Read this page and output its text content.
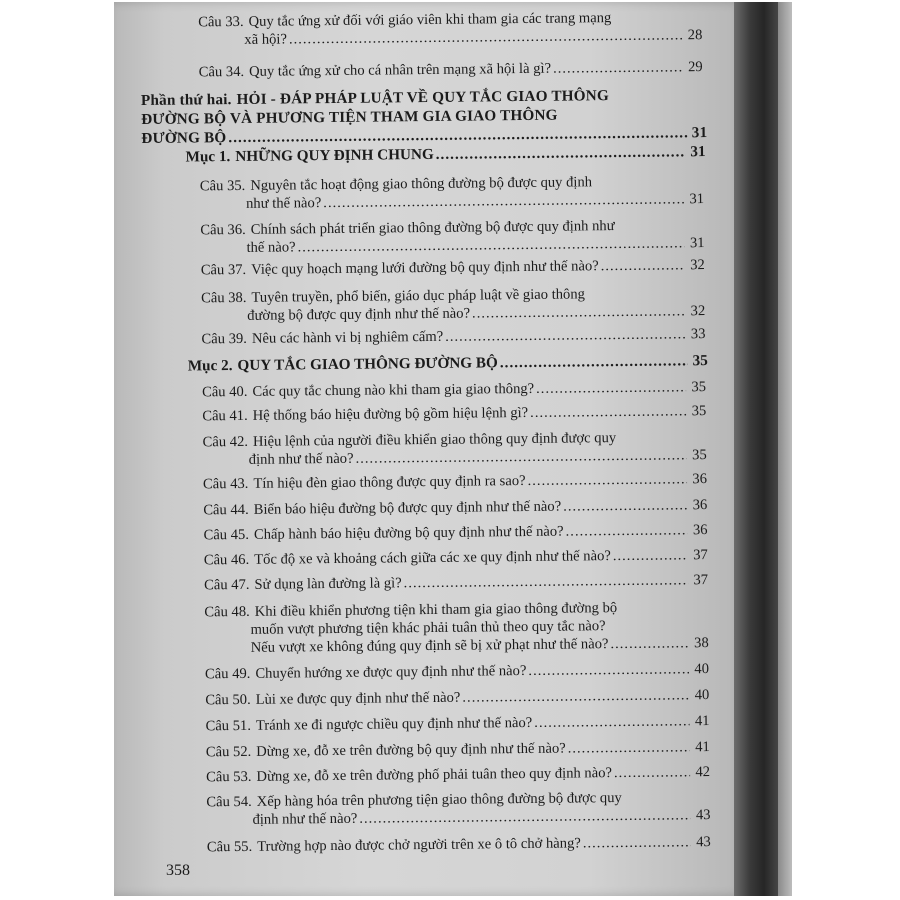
Câu 33. Quy tắc ứng xử đối với giáo viên khi tham gia các trang mạng
xã hội? .....	28
Câu 34. Quy tắc ứng xử cho cá nhân trên mạng xã hội là gì? .....	29
Phần thứ hai. HỎI - ĐÁP PHÁP LUẬT VỀ QUY TẮC GIAO THÔNG
ĐƯỜNG BỘ VÀ PHƯƠNG TIỆN THAM GIA GIAO THÔNG
ĐƯỜNG BỘ .....	31
Mục 1. NHỮNG QUY ĐỊNH CHUNG .....	31
Câu 35. Nguyên tắc hoạt động giao thông đường bộ được quy định
như thế nào? .....	31
Câu 36. Chính sách phát triển giao thông đường bộ được quy định như
thế nào? .....	31
Câu 37. Việc quy hoạch mạng lưới đường bộ quy định như thế nào? .....	32
Câu 38. Tuyên truyền, phổ biến, giáo dục pháp luật về giao thông
đường bộ được quy định như thế nào? .....	32
Câu 39. Nêu các hành vi bị nghiêm cấm? .....	33
Mục 2. QUY TẮC GIAO THÔNG ĐƯỜNG BỘ .....	35
Câu 40. Các quy tắc chung nào khi tham gia giao thông? .....	35
Câu 41. Hệ thống báo hiệu đường bộ gồm hiệu lệnh gì? .....	35
Câu 42. Hiệu lệnh của người điều khiển giao thông quy định được quy
định như thế nào? .....	35
Câu 43. Tín hiệu đèn giao thông được quy định ra sao? .....	36
Câu 44. Biển báo hiệu đường bộ được quy định như thế nào? .....	36
Câu 45. Chấp hành báo hiệu đường bộ quy định như thế nào? .....	36
Câu 46. Tốc độ xe và khoảng cách giữa các xe quy định như thế nào? .....	37
Câu 47. Sử dụng làn đường là gì? .....	37
Câu 48. Khi điều khiển phương tiện khi tham gia giao thông đường bộ
muốn vượt phương tiện khác phải tuân thủ theo quy tắc nào?
Nếu vượt xe không đúng quy định sẽ bị xử phạt như thế nào? .....	38
Câu 49. Chuyển hướng xe được quy định như thế nào? .....	40
Câu 50. Lùi xe được quy định như thế nào? .....	40
Câu 51. Tránh xe đi ngược chiều quy định như thế nào? .....	41
Câu 52. Dừng xe, đỗ xe trên đường bộ quy định như thế nào? .....	41
Câu 53. Dừng xe, đỗ xe trên đường phố phải tuân theo quy định nào? .....	42
Câu 54. Xếp hàng hóa trên phương tiện giao thông đường bộ được quy
định như thế nào? .....	43
Câu 55. Trường hợp nào được chở người trên xe ô tô chở hàng? .....	43
358
